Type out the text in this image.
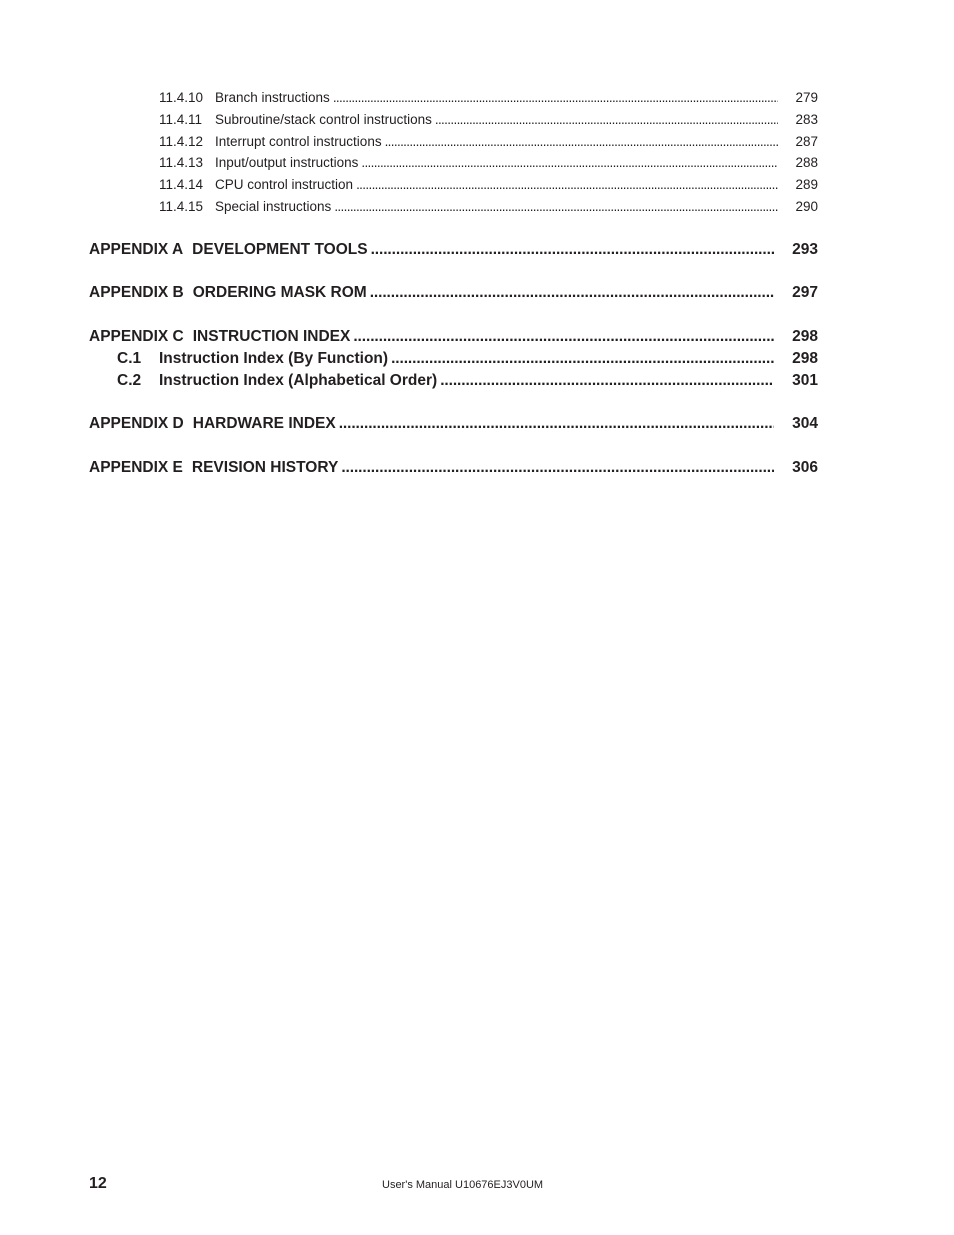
11.4.10 Branch instructions . . .	279
11.4.11 Subroutine/stack control instructions . . .	283
11.4.12 Interrupt control instructions . . .	287
11.4.13 Input/output instructions . . .	288
11.4.14 CPU control instruction . . .	289
11.4.15 Special instructions . . .	290
APPENDIX A DEVELOPMENT TOOLS . . .	293
APPENDIX B ORDERING MASK ROM . . .	297
APPENDIX C INSTRUCTION INDEX . . .	298
C.1	Instruction Index (By Function) . . .	298
C.2	Instruction Index (Alphabetical Order) . . .	301
APPENDIX D HARDWARE INDEX . . .	304
APPENDIX E REVISION HISTORY . . .	306
12	User's Manual U10676EJ3V0UM
